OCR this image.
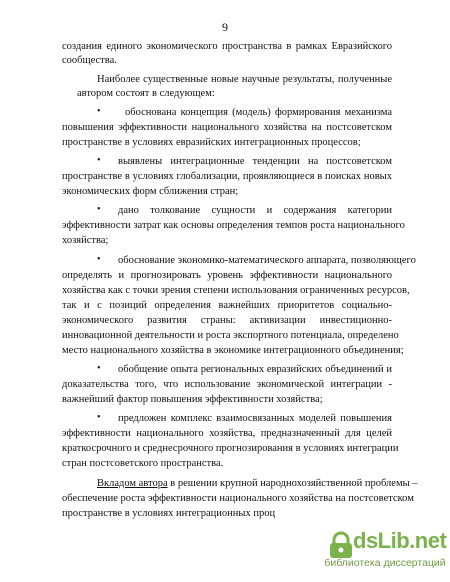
9
создания единого экономического пространства в рамках Евразийского
сообщества.
Наиболее существенные новые научные результаты, полученные
автором состоят в следующем:
• обоснована концепция (модель) формирования механизма
повышения эффективности национального хозяйства на постсоветском
пространстве в условиях евразийских интеграционных процессов;
• выявлены интеграционные тенденции на постсоветском
пространстве в условиях глобализации, проявляющиеся в поисках новых
экономических форм сближения стран;
• дано толкование сущности и содержания категории
эффективности затрат как основы определения темпов роста национального
хозяйства;
• обоснование экономико-математического аппарата, позволяющего
определять и прогнозировать уровень эффективности национального
хозяйства как с точки зрения степени использования ограниченных ресурсов,
так и с позиций определения важнейших приоритетов социально-
экономического развития страны: активизации инвестиционно-
инновационной деятельности и роста экспортного потенциала, определено
место национального хозяйства в экономике интеграционного объединения;
• обобщение опыта региональных евразийских объединений и
доказательства того, что использование экономической интеграции -
важнейший фактор повышения эффективности хозяйства;
• предложен комплекс взаимосвязанных моделей повышения
эффективности национального хозяйства, предназначенный для целей
краткосрочного и среднесрочного прогнозирования в условиях интеграции
стран постсоветского пространства.
Вкладом автора в решении крупной народнохозяйственной проблемы –
обеспечение роста эффективности национального хозяйства на постсоветском
пространстве в условиях интеграционных проц
dsLib.net
библиотека диссертаций
